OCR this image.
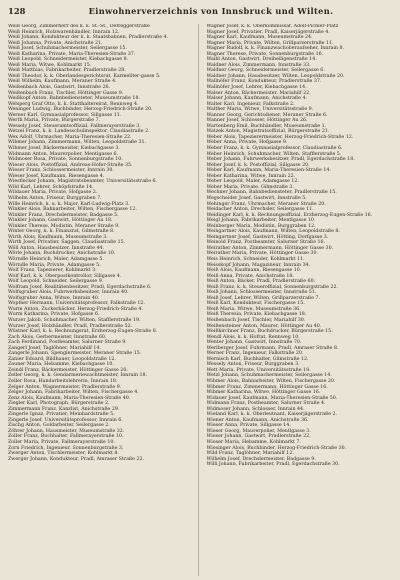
128	Einwohnerverzeichnis von Innsbruck und Wilten.
Weiß Georg, Zimmerherr des k. k. St.-St., Defreggerstraße
Weiß Heinrich, Holzwarenhändler, Innrain 12.
Weiß Johann, Kondukteur der k. k. Staatsbahnen, Pradlerstraße 4.
Weiß Johanna, Private, Anichstraße 21.
Weiß Josef, Schuhmachermeister, Seilergasse 15.
Weiß Katharina, Private, Maria-Theresien-Straße 37.
Weiß Leopold, Schneidermeister, Kiebachgasse 8.
Weiß Maria, Witwe, Kohlmarkt 15.
Weiß Matthias, Fabrikarbeiter, Pradlerstraße 28.
Weiß Theodor, k. k. Oberlandesgerichtsrat, Karmeliter-gasse 5.
Weiß Wilhelm, Kaufmann, Meraner Straße 4.
Weißenbach Alois, Gastwirt, Innstraße 26.
Weißenbach Franz, Tischler, Höttinger Gasse 9.
Weißkopf Anton, Bahnbediensteter, Museumstraße 18.
Welsperg Graf Otto, k. k. Statthaltereirat, Rennweg 4.
Weninger Ludwig, Buchbinder, Herzog-Friedrich-Straße 20.
Werner Karl, Gymnasialprofessor, Sillgasse 11.
Werth Maria, Private, Bürgerstraße 7.
Wessely Josef, Steueramtsoffizial, Fallmerayerstraße 3.
Wetzel Franz, k. k. Landesschulinspektor, Claudiastraße 2.
Wex Adolf, Uhrmacher, Maria-Theresien-Straße 22.
Wibmer Johann, Zimmermann, Wilten, Leopoldstraße 31.
Wibmer Josef, Bäckermeister, Kiebachgasse 3.
Widmann Anton, Maurerpolier, Mentlgasse 6.
Widmoser Rosa, Private, Sonnenburgstraße 10.
Wieser Alois, Postoffizial, Andreas-Hofer-Straße 35.
Wieser Franz, Schlossermeister, Innrain 30.
Wieser Josef, Kaufmann, Riesengasse 4.
Wiesflecker Johann, Magistratsbeamter, Universitätsstraße 6.
Wild Karl, Lehrer, Schöpfstraße 14.
Wildauer Maria, Private, Hofgasse 2.
Wilhelm Anton, Friseur, Burggraben 7.
Wille Heinrich, k. u. k. Major, Karl-Ludwig-Platz 3.
Winkler Alois, Bahnarbeiter, Wilten, Fischergasse 12.
Winkler Franz, Drechslermeister, Badgasse 5.
Winkler Johann, Gastwirt, Höttinger Au 18.
Winkler Therese, Modistin, Meraner Straße 9.
Winter Georg, k. k. Finanzrat, Gilmstraße 8.
Wirth Alois, Kaufmann, Museumstraße 3.
Wirth Josef, Privatier, Saggen, Claudiastraße 15.
Wöll Anton, Hausbesitzer, Innstraße 44.
Wörle Johann, Buchdrucker, Anichstraße 10.
Wörndle Heinrich, Maler, Adamgasse 5.
Wörndle Maria, Private, Adamgasse 5.
Wolf Franz, Tapezierer, Kohlmarkt 3.
Wolf Karl, k. k. Oberpostkontrollor, Sillgasse 4.
Wolf Leopold, Schneider, Seilergasse 9.
Wolfram Josef, Realitätenbesitzer, Pradl, Egerdachstraße 6.
Wolfsgruber Alois, Fuhrwerksbesitzer, Innrain 40.
Wolfsgruber Anna, Witwe, Innrain 40.
Wopfner Hermann, Universitätsprofessor, Falkstraße 12.
Wurm Anton, Zuckerbäcker, Herzog-Friedrich-Straße 4.
Wurm Katharina, Private, Hofgasse 6.
Wurzer Jakob, Schuhmacher, Wilten, Stafflerstraße 19.
Wurzer Josef, Holzhändler, Pradl, Pradlerstraße 52.
Wüstner Karl, k. k. Rechnungsrat, Erzherzog-Eugen-Straße 8.
Zach Alois, Gerbermeister, Innstraße 60.
Zach Ferdinand, Postbeamter, Salurner Straße 9.
Zangerl Josef, Taglöhner, Mariahilf 14.
Zangerle Johann, Spenglermeister, Meraner Straße 15.
Zanier Eduard, Bildhauer, Leopoldstraße 12.
Zauner Maria, Hebamme, Kiebachgasse 10.
Zeindl Franz, Bäckermeister, Höttinger Gasse 20.
Zeller Georg, k. k. Gendarmeriewachtmeister, Innrain 18.
Zeller Rosa, Handarbeitslehrerin, Innrain 18.
Zelger Anton, Wagnermeister, Pradlerstraße 9.
Zelger Johann, Fabrikarbeiter, Wilten, Fischergasse 4.
Zenz Alois, Kaufmann, Maria-Theresien-Straße 40.
Ziegler Karl, Photograph, Bürgerstraße 2.
Zimmermann Franz, Kanzlist, Anichstraße 29.
Zingerle Ignaz, Privatier, Meinhardstraße 5.
Zingerle Josef, Universitätsprofessor, Innrain 6.
Zischg Anton, Goldarbeiter, Seilergasse 2.
Zöhrer Johann, Hausmeister, Museumstraße 32.
Zoller Franz, Buchhalter, Fallmerayerstraße 10.
Zoller Maria, Private, Fallmerayerstraße 10.
Zorn Friedrich, Ingenieur, Sonnenburgstraße 3.
Zwerger Anton, Tischlermeister, Kohlmarkt 8.
Zwerger Johann, Kondukteur, Pradl, Amraser Straße 22.
Wagner Josef, k. k. Oberkommissär, Adolf-Pichler-Platz
Wagner Josef, Privatier, Pradl, Kaiserjägerstraße 4.
Wagner Karl, Kaufmann, Museumstraße 24.
Wagner Maria, Private, Wilten, Grillparzerstraße 11.
Wagner Rudolf, k. k. Finanzwachoberaufseher, Innrain 8.
Wagner Therese, Private, Sonnenburgstraße 16.
Waibl Anton, Gastwirt, Dreiheiligenstraße 14.
Waldner Alois, Zimmermann, Innstraße 33.
Waldner Georg, Schneidermeister, Seilergasse 6.
Waldner Johann, Hausbesitzer, Wilten, Leopoldstraße 20.
Wallnöfer Franz, Kondukteur, Pradlerstraße 37.
Wallnöfer Josef, Lehrer, Kiebachgasse 14.
Walser Anton, Bäckermeister, Mariahilf 22.
Walser Johann, Kaufmann, Anichstraße 4.
Walter Karl, Ingenieur, Falkstraße 2.
Walther Maria, Witwe, Universitätsstraße 9.
Wanner Georg, Gerichtsdiener, Meraner Straße 6.
Wanner Josef, Schlosser, Höttinger Au 26.
Wartenberg Emil, Buchhändler, Museumstraße 1.
Watzek Anton, Magistratsoffizial, Bürgerstraße 21.
Weber Alois, Tapezierermeister, Herzog-Friedrich-Straße 12.
Weber Anna, Private, Hofgasse 9.
Weber Franz, k. k. Gymnasialprofessor, Claudiastraße 6.
Weber Heinrich, Schuhmacher, Wilten, Stafflerstraße 5.
Weber Johann, Fuhrwerksbesitzer, Pradl, Egerdachstraße 18.
Weber Josef, k. k. Postoffizial, Sillgasse 20.
Weber Karl, Kaufmann, Maria-Theresien-Straße 14.
Weber Katharina, Witwe, Innrain 22.
Weber Leopold, Maler, Adamgasse 12.
Weber Maria, Private, Gilmstraße 3.
Wechner Johann, Bahnbediensteter, Pradlerstraße 15.
Wegscheider Josef, Gastwirt, Innstraße 5.
Wehinger Franz, Uhrmacher, Meraner Straße 20.
Weidacher Anton, Drechsler, Seilergasse 11.
Weidinger Karl, k. k. Rechnungsoffizial, Erzherzog-Eugen-Straße 16.
Weigl Johann, Fabrikarbeiter, Mentlgasse 10.
Weinberger Maria, Modistin, Burggraben 12.
Weingartner Alois, Kaufmann, Wilten, Leopoldstraße 8.
Weingartner Josef, Gastwirt, Hötting, Dorfgasse 3.
Weinold Franz, Postbeamter, Salurner Straße 16.
Weirather Anton, Zimmermann, Höttinger Gasse 30.
Weirather Maria, Private, Höttinger Gasse 30.
Weis Heinrich, Schneider, Kohlmarkt 11.
Weisskopf Johann, Magazineur, Innrain 34.
Weiß Alois, Kaufmann, Riesengasse 10.
Weiß Anna, Private, Anichstraße 18.
Weiß Anton, Bäcker, Pradl, Pradlerstraße 60.
Weiß Franz, k. k. Steueroffizial, Sonnenburgstraße 22.
Weiß Johann, Schlossermeister, Innstraße 51.
Weiß Josef, Lehrer, Wilten, Grillparzerstraße 7.
Weiß Karl, Kondukteur, Fischergasse 15.
Weiß Maria, Witwe, Museumstraße 36.
Weiß Theresia, Private, Kiebachgasse 18.
Weißenbach Josef, Tischler, Mariahilf 30.
Weißensteiner Anton, Maurer, Höttinger Au 40.
Weißkirchner Franz, Buchdrucker, Bürgerstraße 15.
Wendl Alois, k. k. Hofrat, Rennweg 10.
Wenter Johann, Gastwirt, Innstraße 70.
Werlberger Josef, Fuhrmann, Pradl, Amraser Straße 8.
Werner Franz, Ingenieur, Falkstraße 20.
Wernisch Karl, Buchhalter, Gilmstraße 12.
Wessely Anton, Friseur, Burggraben 3.
Wett Maria, Private, Universitätsstraße 18.
Wetzl Johann, Schuhmachermeister, Seilergasse 14.
Wibmer Alois, Bahnarbeiter, Wilten, Fischergasse 20.
Wibmer Franz, Zimmermann, Höttinger Gasse 16.
Wibmer Katharina, Witwe, Höttinger Gasse 16.
Widauer Josef, Kaufmann, Maria-Theresien-Straße 50.
Widmann Franz, Postbeamter, Salurner Straße 4.
Widmoser Johann, Schlosser, Innrain 44.
Wieland Karl, k. k. Oberleutnant, Kaiserjägerstraße 2.
Wiener Anton, Kaufmann, Anichstraße 36.
Wieser Anna, Private, Sillgasse 14.
Wieser Georg, Maurerpolier, Mentlgasse 3.
Wieser Johann, Gastwirt, Pradlerstraße 22.
Wieser Maria, Hebamme, Kohlmarkt 7.
Wiesinger Alois, Buchbinder, Herzog-Friedrich-Straße 30.
Wild Franz, Taglöhner, Mariahilf 12.
Wilhelm Josef, Drechslermeister, Badgasse 9.
Willi Johann, Fabrikarbeiter, Pradl, Egerdachstraße 30.
